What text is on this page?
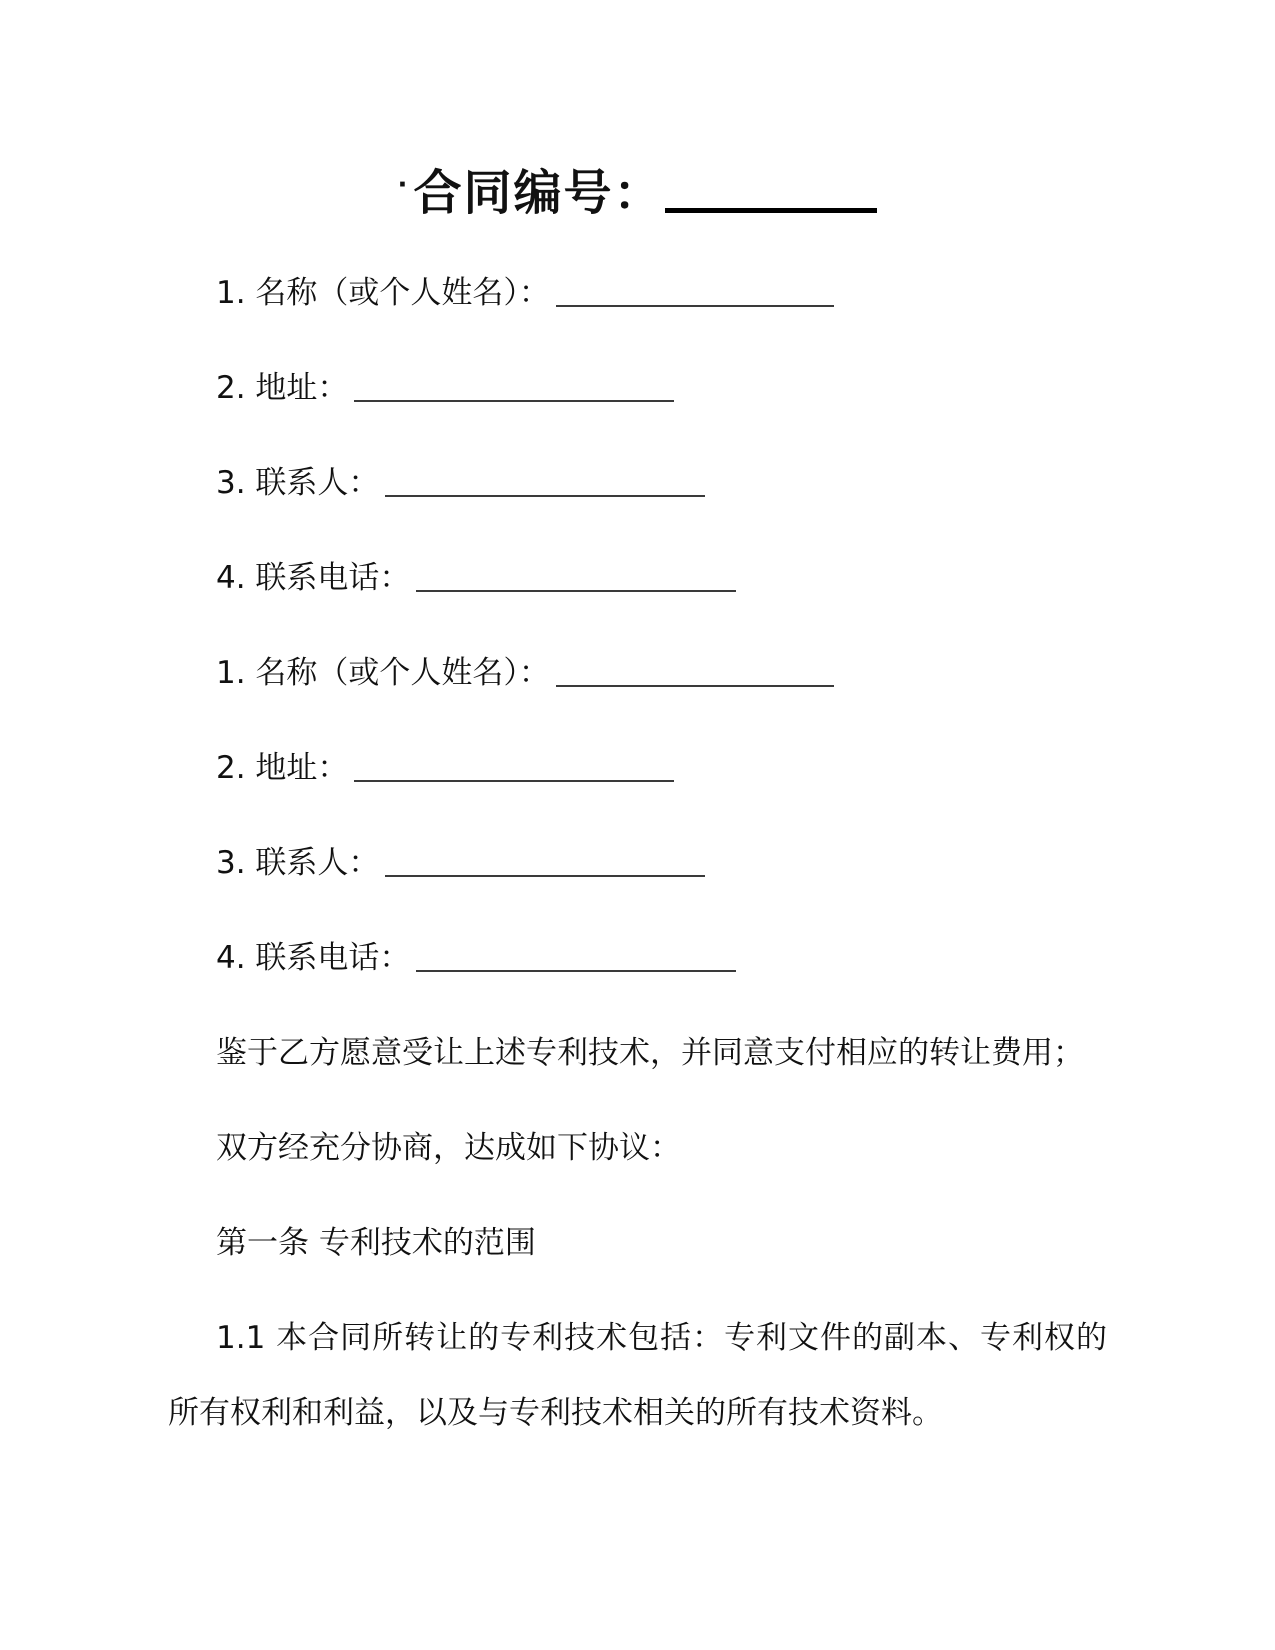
·合同编号：
1. 名称（或个人姓名）：
2. 地址：
3. 联系人：
4. 联系电话：
1. 名称（或个人姓名）：
2. 地址：
3. 联系人：
4. 联系电话：

鉴于乙方愿意受让上述专利技术，并同意支付相应的转让费用；

双方经充分协商，达成如下协议：

第一条 专利技术的范围

1.1 本合同所转让的专利技术包括：专利文件的副本、专利权的所有权利和利益，以及与专利技术相关的所有技术资料。
